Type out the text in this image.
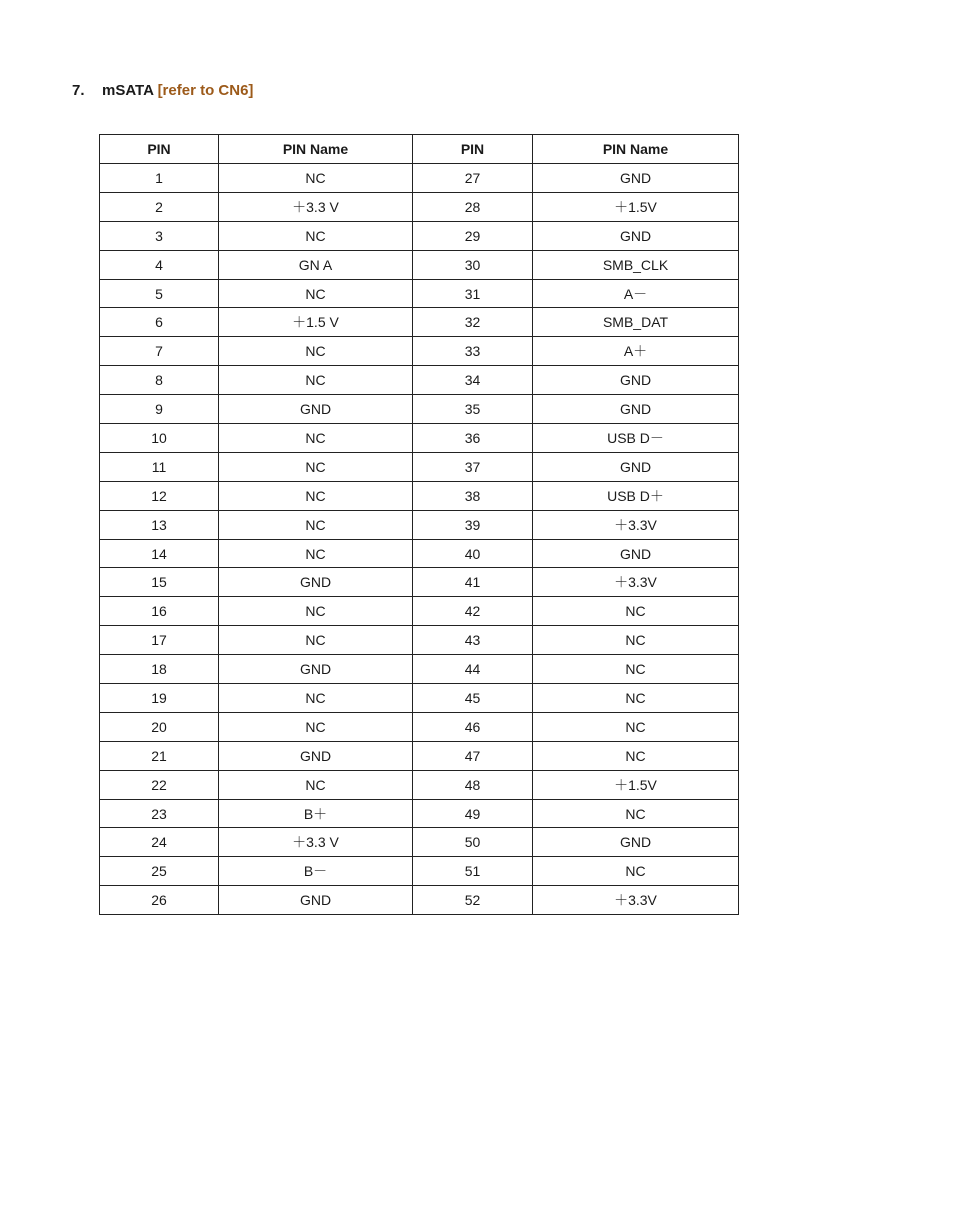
7. mSATA [refer to CN6]
PIN	PIN Name	PIN	PIN Name
1	NC	27	GND
2	＋3.3 V	28	＋1.5V
3	NC	29	GND
4	GN A	30	SMB_CLK
5	NC	31	A－
6	＋1.5 V	32	SMB_DAT
7	NC	33	A＋
8	NC	34	GND
9	GND	35	GND
10	NC	36	USB D－
11	NC	37	GND
12	NC	38	USB D＋
13	NC	39	＋3.3V
14	NC	40	GND
15	GND	41	＋3.3V
16	NC	42	NC
17	NC	43	NC
18	GND	44	NC
19	NC	45	NC
20	NC	46	NC
21	GND	47	NC
22	NC	48	＋1.5V
23	B＋	49	NC
24	＋3.3 V	50	GND
25	B－	51	NC
26	GND	52	＋3.3V
